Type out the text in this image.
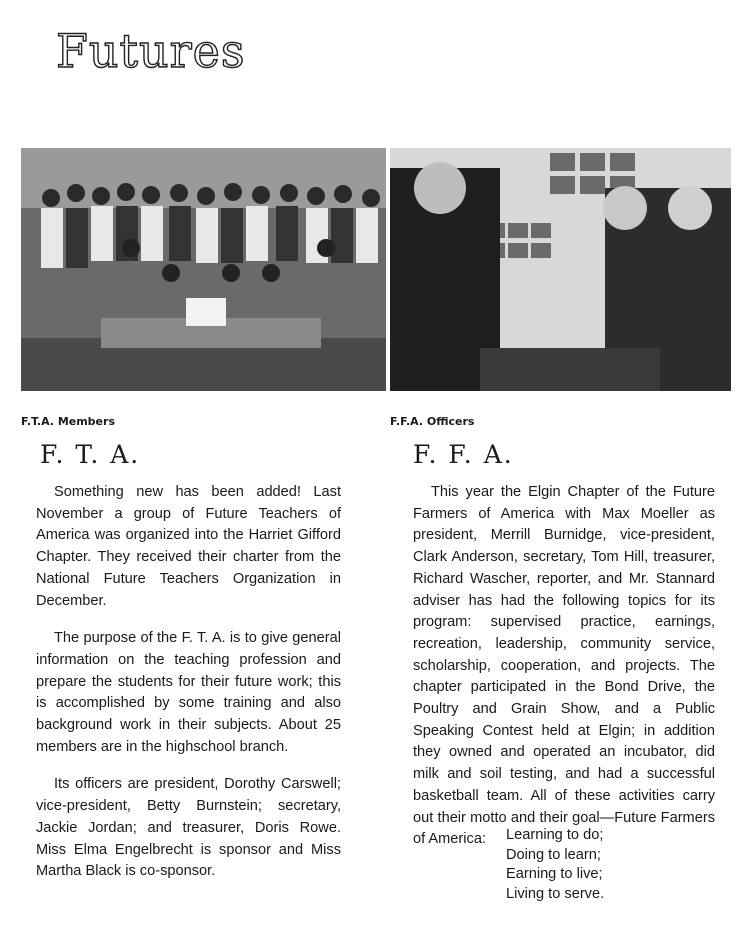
Futures
F.T.A. Members	F.F.A. Officers
F. T. A.	F. F. A.

Something new has been added! Last November a group of Future Teachers of America was organized into the Harriet Gifford Chapter. They received their charter from the National Future Teachers Organization in December.

The purpose of the F. T. A. is to give general information on the teaching profession and prepare the students for their future work; this is accomplished by some training and also background work in their subjects. About 25 members are in the highschool branch.

Its officers are president, Dorothy Carswell; vice-president, Betty Burnstein; secretary, Jackie Jordan; and treasurer, Doris Rowe. Miss Elma Engelbrecht is sponsor and Miss Martha Black is co-sponsor.

This year the Elgin Chapter of the Future Farmers of America with Max Moeller as president, Merrill Burnidge, vice-president, Clark Anderson, secretary, Tom Hill, treasurer, Richard Wascher, reporter, and Mr. Stannard adviser has had the following topics for its program: supervised practice, earnings, recreation, leadership, community service, scholarship, cooperation, and projects. The chapter participated in the Bond Drive, the Poultry and Grain Show, and a Public Speaking Contest held at Elgin; in addition they owned and operated an incubator, did milk and soil testing, and had a successful basketball team. All of these activities carry out their motto and their goal—Future Farmers of America:	Learning to do;
Doing to learn;
Earning to live;
Living to serve.
